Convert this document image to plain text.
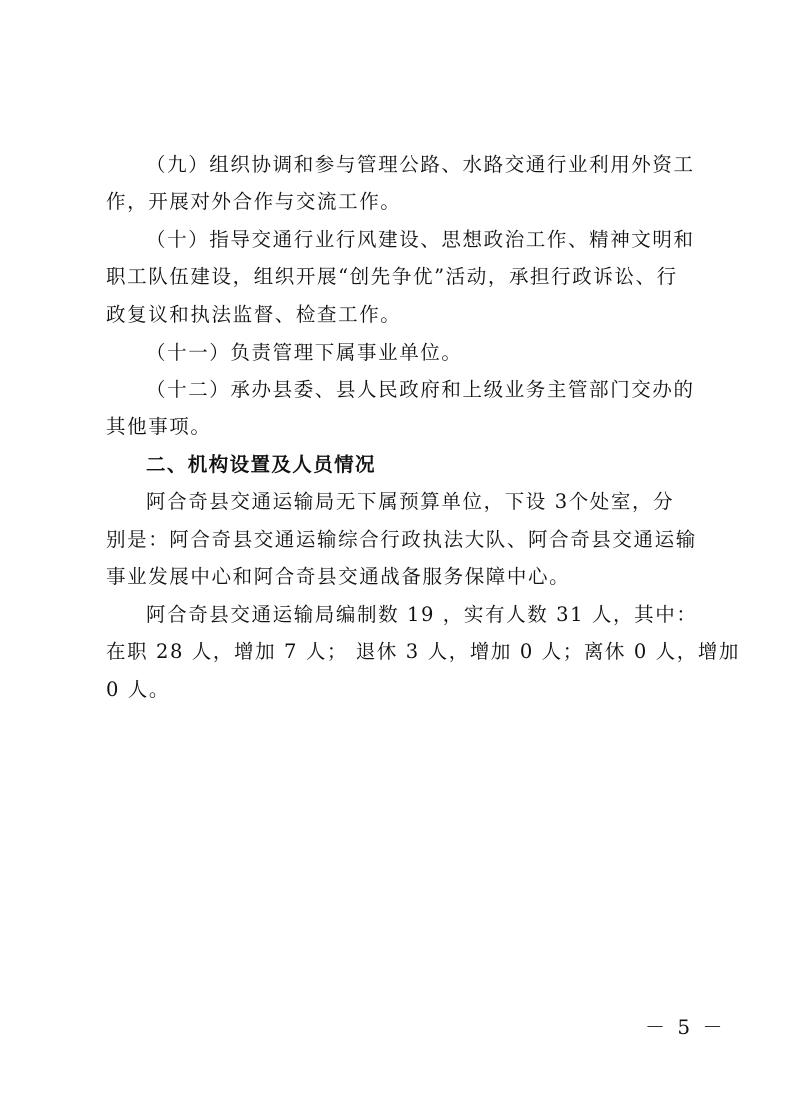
（九）组织协调和参与管理公路、水路交通行业利用外资工
作，开展对外合作与交流工作。
（十）指导交通行业行风建设、思想政治工作、精神文明和
职工队伍建设，组织开展“创先争优”活动，承担行政诉讼、行
政复议和执法监督、检查工作。
（十一）负责管理下属事业单位。
（十二）承办县委、县人民政府和上级业务主管部门交办的
其他事项。
二、机构设置及人员情况
阿合奇县交通运输局无下属预算单位，下设 3个处室，分
别是：阿合奇县交通运输综合行政执法大队、阿合奇县交通运输
事业发展中心和阿合奇县交通战备服务保障中心。
阿合奇县交通运输局编制数 19 ，实有人数 31 人，其中：
在职 28 人，增加 7 人； 退休 3 人，增加 0 人；离休 0 人，增加
0 人。
－ 5 －
